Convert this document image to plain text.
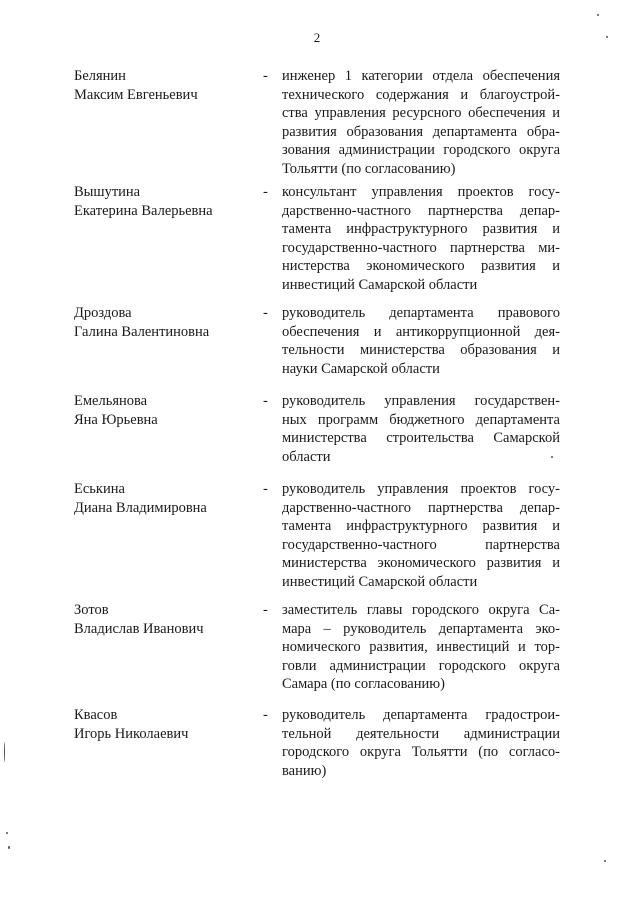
2
Белянин
Максим Евгеньевич
- инженер 1 категории отдела обеспечения
технического содержания и благоустрой-
ства управления ресурсного обеспечения и
развития образования департамента обра-
зования администрации городского округа
Тольятти (по согласованию)
Вышутина
Екатерина Валерьевна
- консультант управления проектов госу-
дарственно-частного партнерства депар-
тамента инфраструктурного развития и
государственно-частного партнерства ми-
нистерства экономического развития и
инвестиций Самарской области
Дроздова
Галина Валентиновна
- руководитель департамента правового
обеспечения и антикоррупционной дея-
тельности министерства образования и
науки Самарской области
Емельянова
Яна Юрьевна
- руководитель управления государствен-
ных программ бюджетного департамента
министерства строительства Самарской
области
Еськина
Диана Владимировна
- руководитель управления проектов госу-
дарственно-частного партнерства депар-
тамента инфраструктурного развития и
государственно-частного партнерства
министерства экономического развития и
инвестиций Самарской области
Зотов
Владислав Иванович
- заместитель главы городского округа Са-
мара – руководитель департамента эко-
номического развития, инвестиций и тор-
говли администрации городского округа
Самара (по согласованию)
Квасов
Игорь Николаевич
- руководитель департамента градострои-
тельной деятельности администрации
городского округа Тольятти (по согласо-
ванию)
